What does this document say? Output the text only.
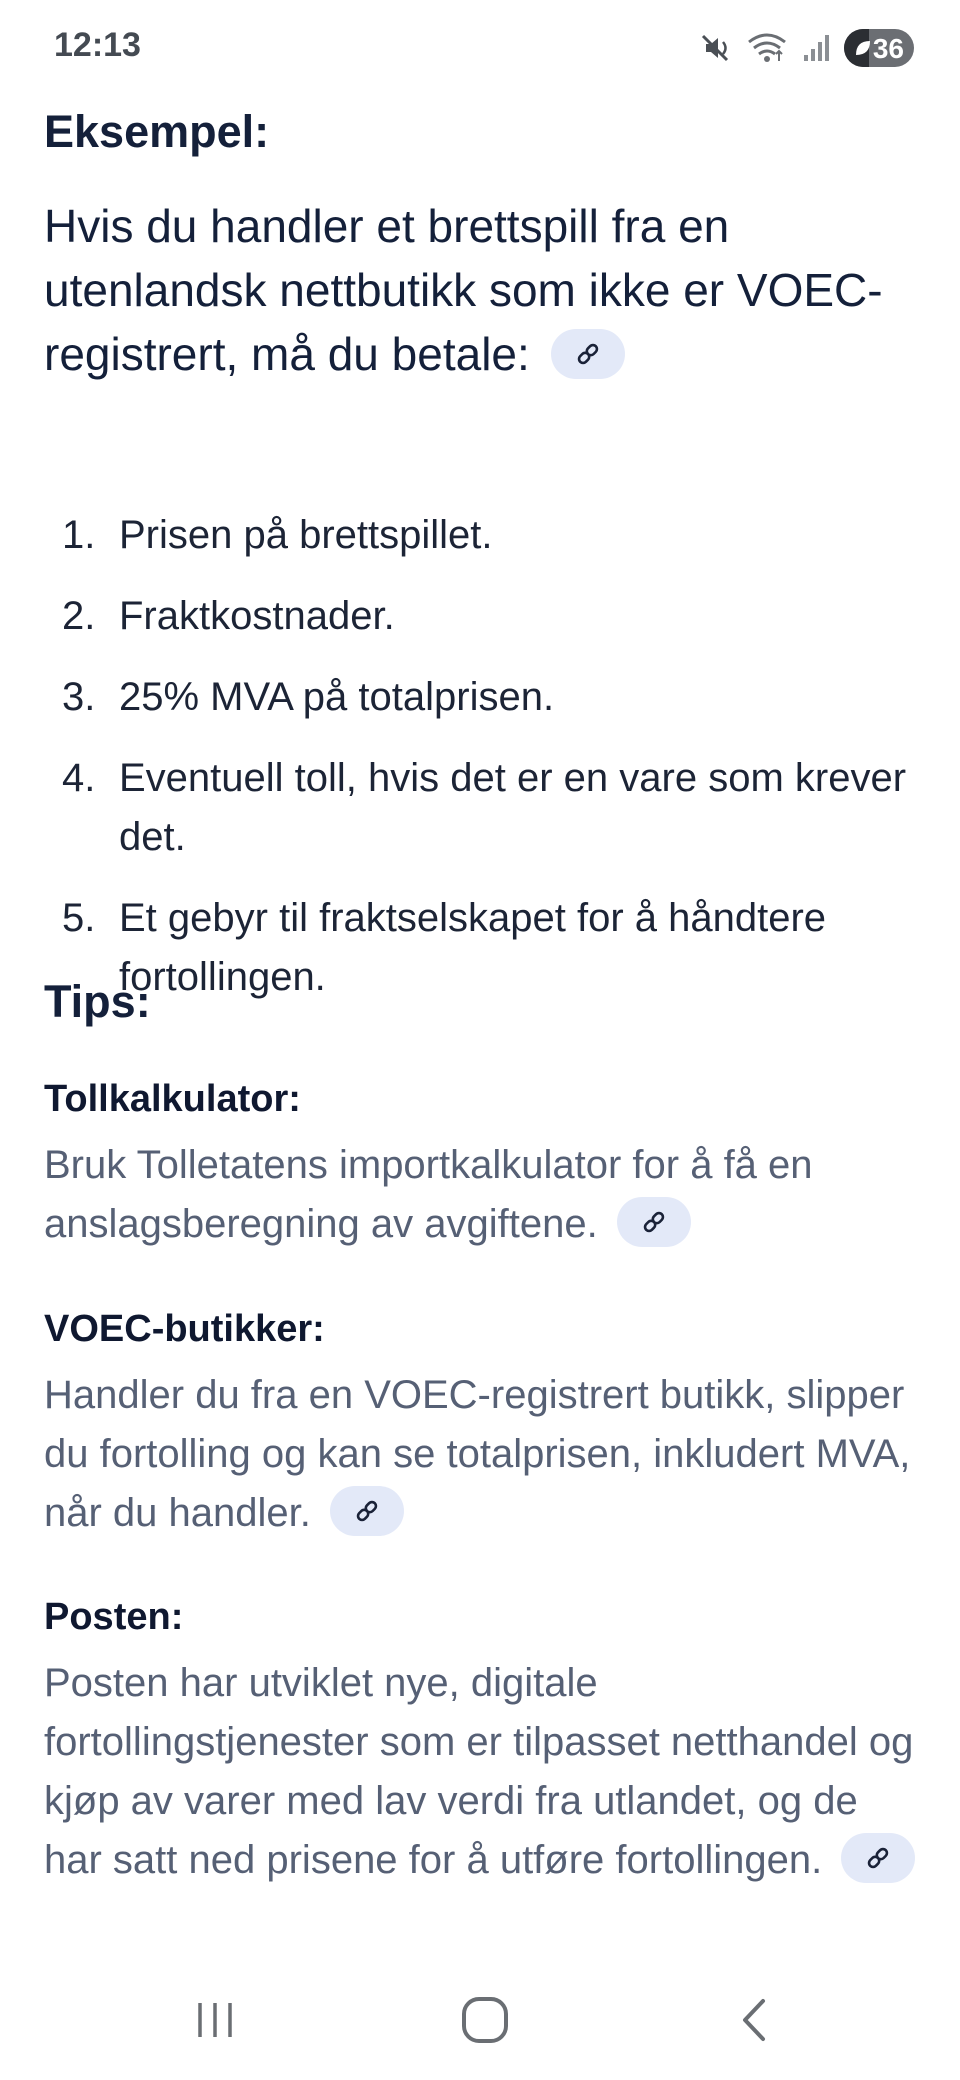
12:13	36
Eksempel:

Hvis du handler et brettspill fra en utenlandsk nettbutikk som ikke er VOEC-registrert, må du betale:

1. Prisen på brettspillet.
2. Fraktkostnader.
3. 25% MVA på totalprisen.
4. Eventuell toll, hvis det er en vare som krever det.
5. Et gebyr til fraktselskapet for å håndtere fortollingen.
Tips:
Tollkalkulator:
Bruk Tolletatens importkalkulator for å få en anslagsberegning av avgiftene.
VOEC-butikker:
Handler du fra en VOEC-registrert butikk, slipper du fortolling og kan se totalprisen, inkludert MVA, når du handler.
Posten:
Posten har utviklet nye, digitale fortollingstjenester som er tilpasset netthandel og kjøp av varer med lav verdi fra utlandet, og de har satt ned prisene for å utføre fortollingen.
